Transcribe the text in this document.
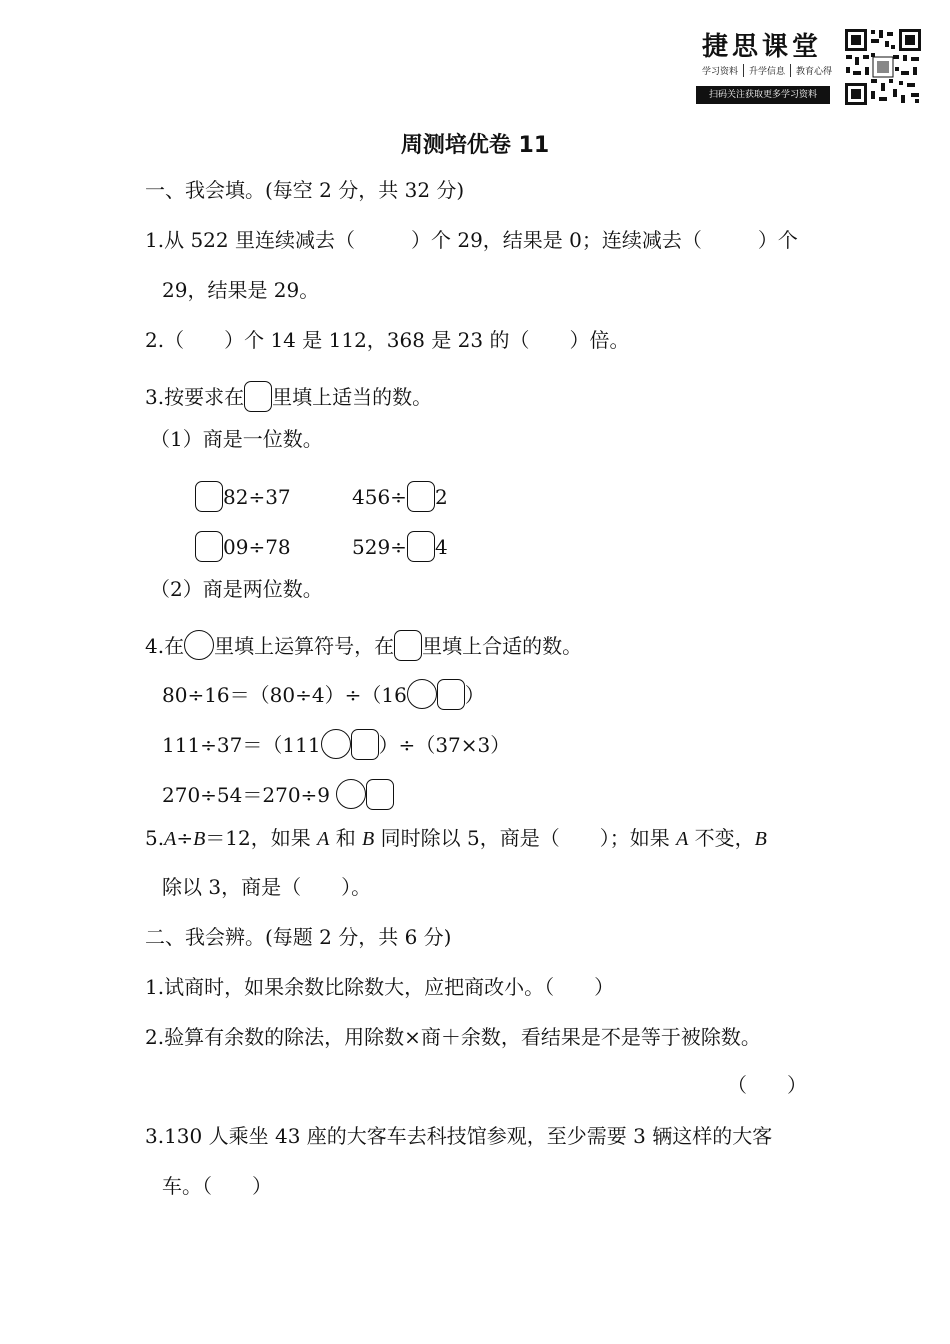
捷思课堂
学习资料	升学信息	教育心得
扫码关注获取更多学习资料
周测培优卷 11
一、我会填。(每空 2 分，共 32 分)
1.从 522 里连续减去（	）个 29，结果是 0；连续减去（	）个
29，结果是 29。
2.（ ）个 14 是 112，368 是 23 的（ ）倍。
3.按要求在 里填上适当的数。
（1）商是一位数。
82÷37	456÷ 2
09÷78	529÷ 4
（2）商是两位数。
4.在 里填上运算符号，在 里填上合适的数。
80÷16＝（80÷4）÷（16	）
111÷37＝（111	）÷（37×3）
270÷54＝270÷9
5.A÷B＝12，如果 A 和 B 同时除以 5，商是（ ）；如果 A 不变，B
除以 3，商是（ ）。
二、我会辨。(每题 2 分，共 6 分)
1.试商时，如果余数比除数大，应把商改小。（　　）
2.验算有余数的除法，用除数×商＋余数，看结果是不是等于被除数。
（　　）
3.130 人乘坐 43 座的大客车去科技馆参观，至少需要 3 辆这样的大客
车。（　　）
